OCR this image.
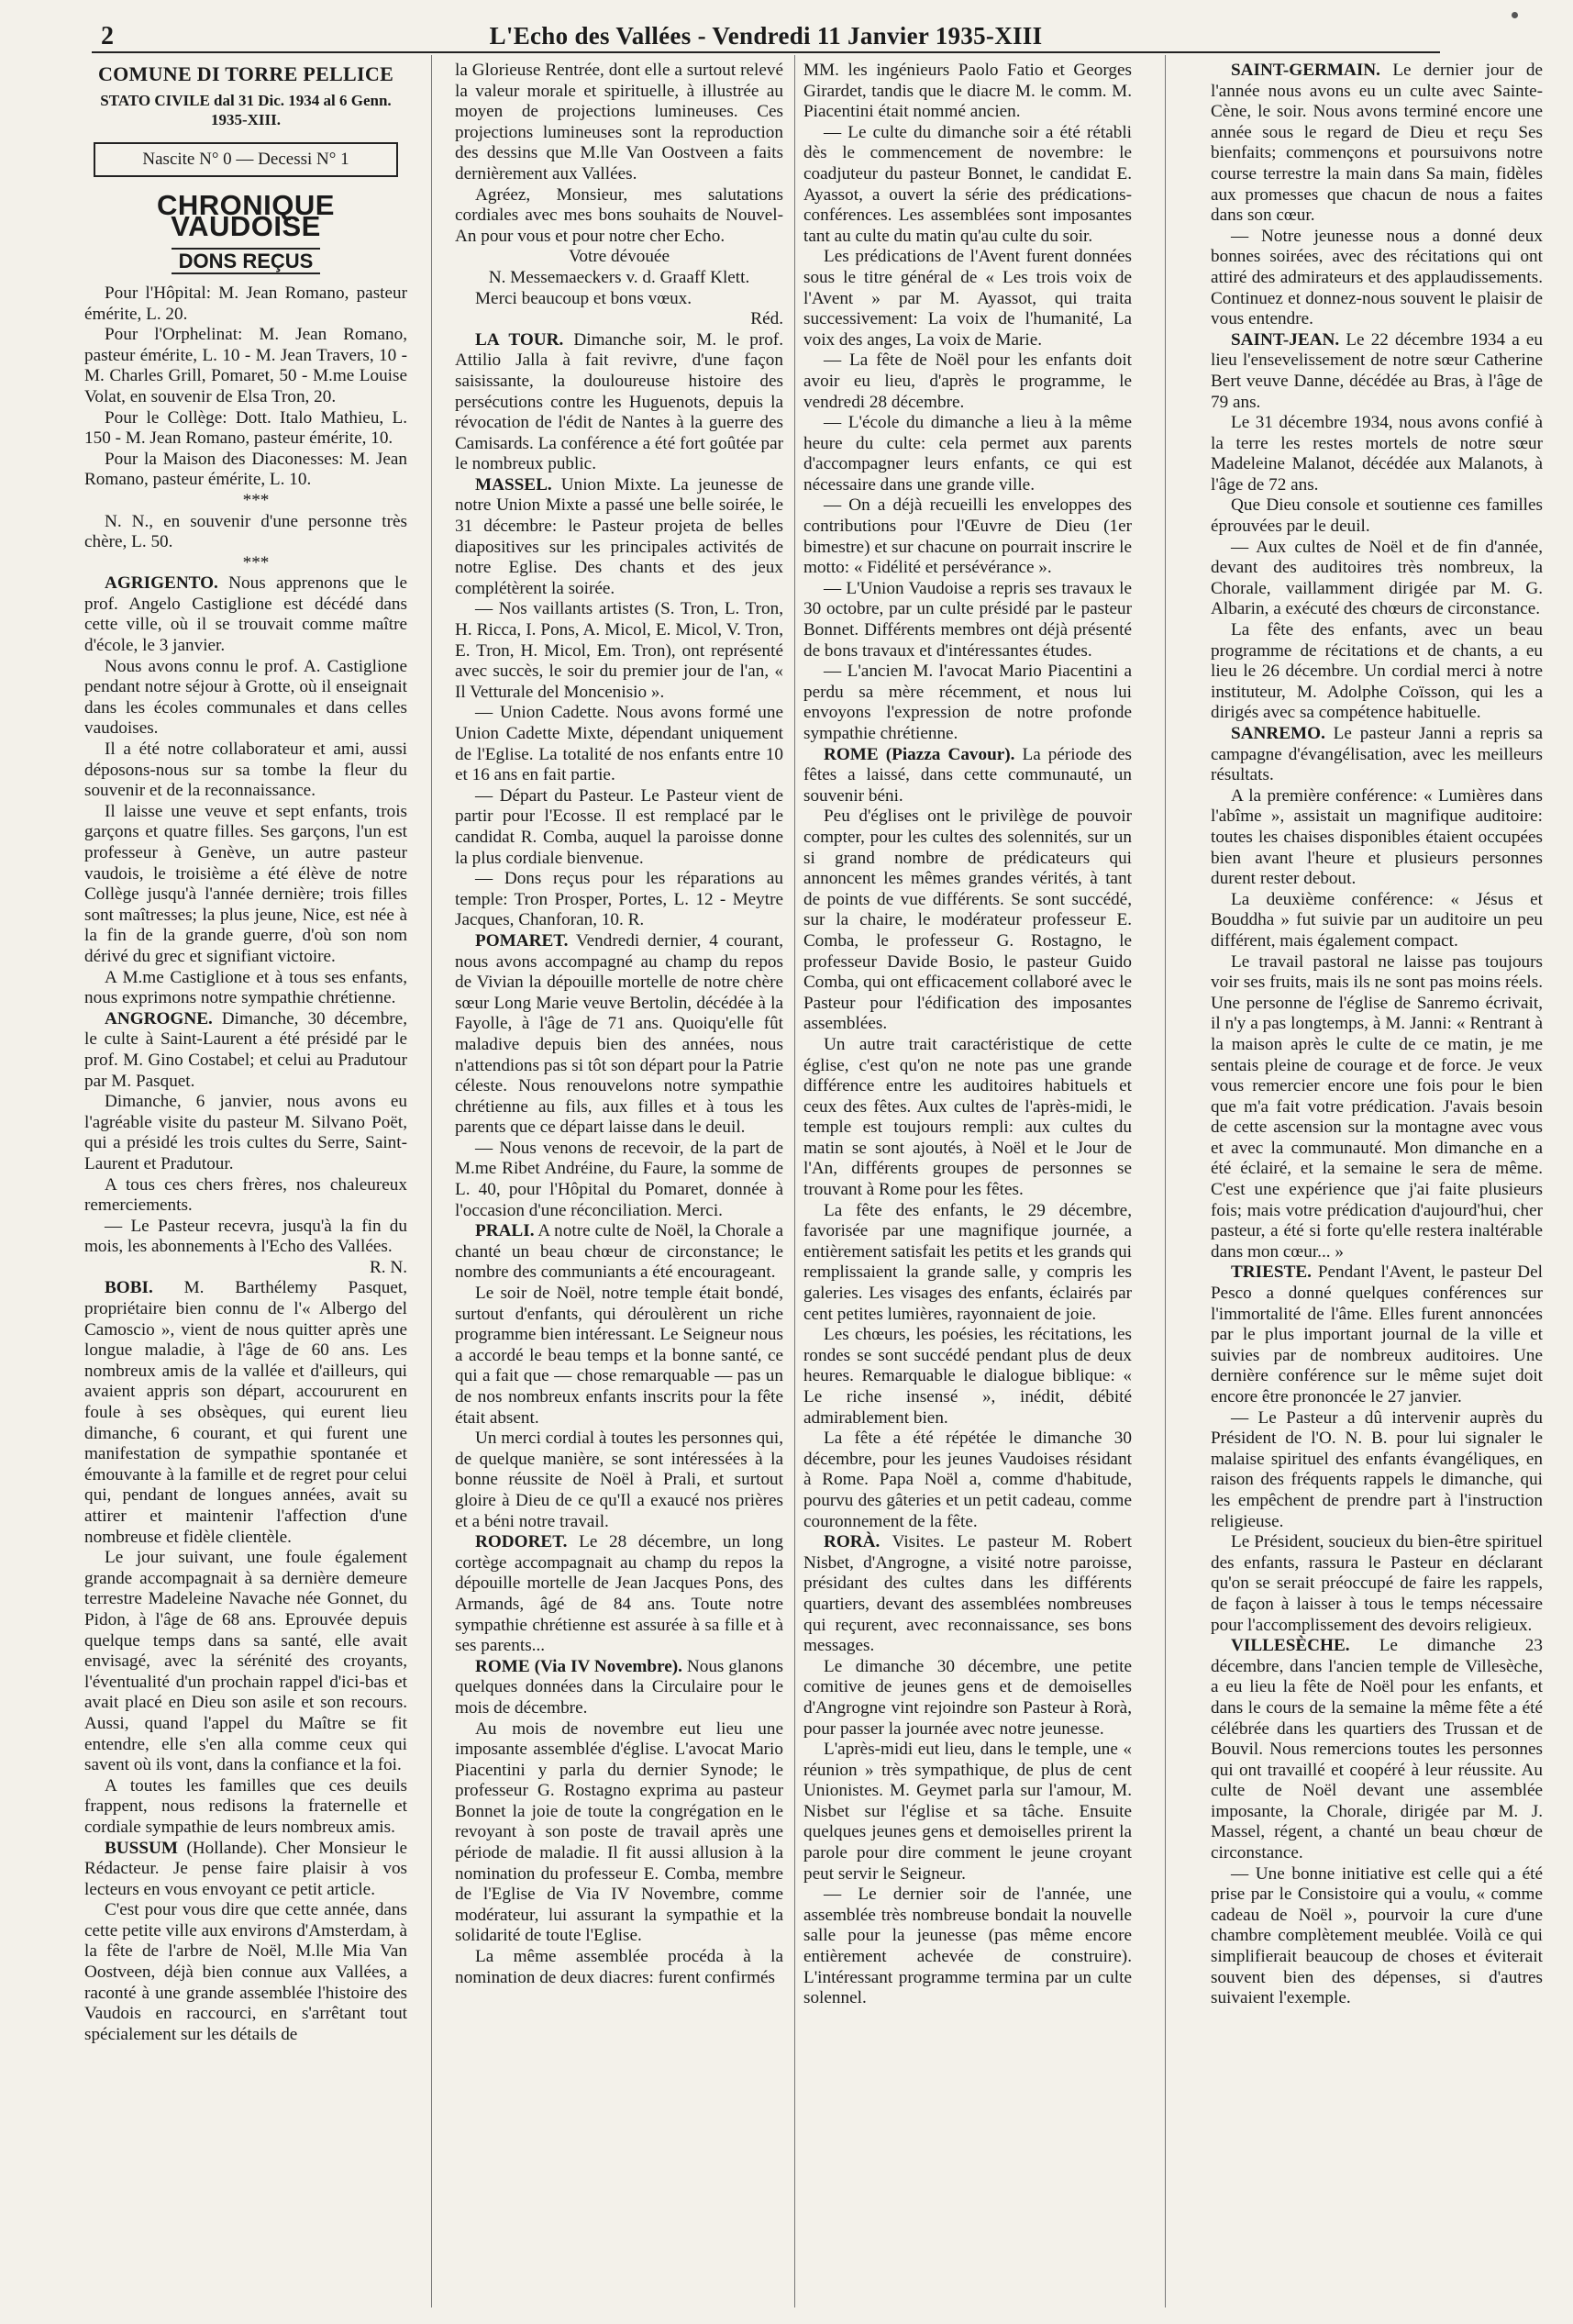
2	L'Echo des Vallées - Vendredi 11 Janvier 1935-XIII
COMUNE DI TORRE PELLICE
STATO CIVILE dal 31 Dic. 1934 al 6 Genn. 1935-XIII.
Nascite N° 0 — Decessi N° 1
CHRONIQUE VAUDOISE
DONS REÇUS

Pour l'Hôpital: M. Jean Romano, pasteur émérite, L. 20.

Pour l'Orphelinat: M. Jean Romano, pasteur émérite, L. 10 - M. Jean Travers, 10 - M. Charles Grill, Pomaret, 50 - M.me Louise Volat, en souvenir de Elsa Tron, 20.

Pour le Collège: Dott. Italo Mathieu, L. 150 - M. Jean Romano, pasteur émérite, 10.

Pour la Maison des Diaconesses: M. Jean Romano, pasteur émérite, L. 10.

***

N. N., en souvenir d'une personne très chère, L. 50.

***

AGRIGENTO. Nous apprenons que le prof. Angelo Castiglione est décédé dans cette ville, où il se trouvait comme maître d'école, le 3 janvier.

Nous avons connu le prof. A. Castiglione pendant notre séjour à Grotte, où il enseignait dans les écoles communales et dans celles vaudoises.

Il a été notre collaborateur et ami, aussi déposons-nous sur sa tombe la fleur du souvenir et de la reconnaissance.

Il laisse une veuve et sept enfants, trois garçons et quatre filles. Ses garçons, l'un est professeur à Genève, un autre pasteur vaudois, le troisième a été élève de notre Collège jusqu'à l'année dernière; trois filles sont maîtresses; la plus jeune, Nice, est née à la fin de la grande guerre, d'où son nom dérivé du grec et signifiant victoire.

A M.me Castiglione et à tous ses enfants, nous exprimons notre sympathie chrétienne.

ANGROGNE. Dimanche, 30 décembre, le culte à Saint-Laurent a été présidé par le prof. M. Gino Costabel; et celui au Pradutour par M. Pasquet.

Dimanche, 6 janvier, nous avons eu l'agréable visite du pasteur M. Silvano Poët, qui a présidé les trois cultes du Serre, Saint-Laurent et Pradutour.

A tous ces chers frères, nos chaleureux remerciements.

— Le Pasteur recevra, jusqu'à la fin du mois, les abonnements à l'Echo des Vallées.

R. N.

BOBI. M. Barthélemy Pasquet, propriétaire bien connu de l'« Albergo del Camoscio », vient de nous quitter après une longue maladie, à l'âge de 60 ans. Les nombreux amis de la vallée et d'ailleurs, qui avaient appris son départ, accoururent en foule à ses obsèques, qui eurent lieu dimanche, 6 courant, et qui furent une manifestation de sympathie spontanée et émouvante à la famille et de regret pour celui qui, pendant de longues années, avait su attirer et maintenir l'affection d'une nombreuse et fidèle clientèle.

Le jour suivant, une foule également grande accompagnait à sa dernière demeure terrestre Madeleine Navache née Gonnet, du Pidon, à l'âge de 68 ans. Eprouvée depuis quelque temps dans sa santé, elle avait envisagé, avec la sérénité des croyants, l'éventualité d'un prochain rappel d'ici-bas et avait placé en Dieu son asile et son recours. Aussi, quand l'appel du Maître se fit entendre, elle s'en alla comme ceux qui savent où ils vont, dans la confiance et la foi.

A toutes les familles que ces deuils frappent, nous redisons la fraternelle et cordiale sympathie de leurs nombreux amis.

BUSSUM (Hollande). Cher Monsieur le Rédacteur. Je pense faire plaisir à vos lecteurs en vous envoyant ce petit article.

C'est pour vous dire que cette année, dans cette petite ville aux environs d'Amsterdam, à la fête de l'arbre de Noël, M.lle Mia Van Oostveen, déjà bien connue aux Vallées, a raconté à une grande assemblée l'histoire des Vaudois en raccourci, en s'arrêtant tout spécialement sur les détails de

la Glorieuse Rentrée, dont elle a surtout relevé la valeur morale et spirituelle, à illustrée au moyen de projections lumineuses. Ces projections lumineuses sont la reproduction des dessins que M.lle Van Oostveen a faits dernièrement aux Vallées.

Agréez, Monsieur, mes salutations cordiales avec mes bons souhaits de Nouvel-An pour vous et pour notre cher Echo.

Votre dévouée

N. Messemaeckers v. d. Graaff Klett.

Merci beaucoup et bons vœux.

Réd.

LA TOUR. Dimanche soir, M. le prof. Attilio Jalla à fait revivre, d'une façon saisissante, la douloureuse histoire des persécutions contre les Huguenots, depuis la révocation de l'édit de Nantes à la guerre des Camisards. La conférence a été fort goûtée par le nombreux public.

MASSEL. Union Mixte. La jeunesse de notre Union Mixte a passé une belle soirée, le 31 décembre: le Pasteur projeta de belles diapositives sur les principales activités de notre Eglise. Des chants et des jeux complétèrent la soirée.

— Nos vaillants artistes (S. Tron, L. Tron, H. Ricca, I. Pons, A. Micol, E. Micol, V. Tron, E. Tron, H. Micol, Em. Tron), ont représenté avec succès, le soir du premier jour de l'an, « Il Vetturale del Moncenisio ».

— Union Cadette. Nous avons formé une Union Cadette Mixte, dépendant uniquement de l'Eglise. La totalité de nos enfants entre 10 et 16 ans en fait partie.

— Départ du Pasteur. Le Pasteur vient de partir pour l'Ecosse. Il est remplacé par le candidat R. Comba, auquel la paroisse donne la plus cordiale bienvenue.

— Dons reçus pour les réparations au temple: Tron Prosper, Portes, L. 12 - Meytre Jacques, Chanforan, 10. R.

POMARET. Vendredi dernier, 4 courant, nous avons accompagné au champ du repos de Vivian la dépouille mortelle de notre chère sœur Long Marie veuve Bertolin, décédée à la Fayolle, à l'âge de 71 ans. Quoiqu'elle fût maladive depuis bien des années, nous n'attendions pas si tôt son départ pour la Patrie céleste. Nous renouvelons notre sympathie chrétienne au fils, aux filles et à tous les parents que ce départ laisse dans le deuil.

— Nous venons de recevoir, de la part de M.me Ribet Andréine, du Faure, la somme de L. 40, pour l'Hôpital du Pomaret, donnée à l'occasion d'une réconciliation. Merci.

PRALI. A notre culte de Noël, la Chorale a chanté un beau chœur de circonstance; le nombre des communiants a été encourageant.

Le soir de Noël, notre temple était bondé, surtout d'enfants, qui déroulèrent un riche programme bien intéressant. Le Seigneur nous a accordé le beau temps et la bonne santé, ce qui a fait que — chose remarquable — pas un de nos nombreux enfants inscrits pour la fête était absent.

Un merci cordial à toutes les personnes qui, de quelque manière, se sont intéressées à la bonne réussite de Noël à Prali, et surtout gloire à Dieu de ce qu'Il a exaucé nos prières et a béni notre travail.

RODORET. Le 28 décembre, un long cortège accompagnait au champ du repos la dépouille mortelle de Jean Jacques Pons, des Armands, âgé de 84 ans. Toute notre sympathie chrétienne est assurée à sa fille et à ses parents...

ROME (Via IV Novembre). Nous glanons quelques données dans la Circulaire pour le mois de décembre.

Au mois de novembre eut lieu une imposante assemblée d'église. L'avocat Mario Piacentini y parla du dernier Synode; le professeur G. Rostagno exprima au pasteur Bonnet la joie de toute la congrégation en le revoyant à son poste de travail après une période de maladie. Il fit aussi allusion à la nomination du professeur E. Comba, membre de l'Eglise de Via IV Novembre, comme modérateur, lui assurant la sympathie et la solidarité de toute l'Eglise.

La même assemblée procéda à la nomination de deux diacres: furent confirmés

MM. les ingénieurs Paolo Fatio et Georges Girardet, tandis que le diacre M. le comm. M. Piacentini était nommé ancien.

— Le culte du dimanche soir a été rétabli dès le commencement de novembre: le coadjuteur du pasteur Bonnet, le candidat E. Ayassot, a ouvert la série des prédications-conférences. Les assemblées sont imposantes tant au culte du matin qu'au culte du soir.

Les prédications de l'Avent furent données sous le titre général de « Les trois voix de l'Avent » par M. Ayassot, qui traita successivement: La voix de l'humanité, La voix des anges, La voix de Marie.

— La fête de Noël pour les enfants doit avoir eu lieu, d'après le programme, le vendredi 28 décembre.

— L'école du dimanche a lieu à la même heure du culte: cela permet aux parents d'accompagner leurs enfants, ce qui est nécessaire dans une grande ville.

— On a déjà recueilli les enveloppes des contributions pour l'Œuvre de Dieu (1er bimestre) et sur chacune on pourrait inscrire le motto: « Fidélité et persévérance ».

— L'Union Vaudoise a repris ses travaux le 30 octobre, par un culte présidé par le pasteur Bonnet. Différents membres ont déjà présenté de bons travaux et d'intéressantes études.

— L'ancien M. l'avocat Mario Piacentini a perdu sa mère récemment, et nous lui envoyons l'expression de notre profonde sympathie chrétienne.

ROME (Piazza Cavour). La période des fêtes a laissé, dans cette communauté, un souvenir béni.

Peu d'églises ont le privilège de pouvoir compter, pour les cultes des solennités, sur un si grand nombre de prédicateurs qui annoncent les mêmes grandes vérités, à tant de points de vue différents. Se sont succédé, sur la chaire, le modérateur professeur E. Comba, le professeur G. Rostagno, le professeur Davide Bosio, le pasteur Guido Comba, qui ont efficacement collaboré avec le Pasteur pour l'édification des imposantes assemblées.

Un autre trait caractéristique de cette église, c'est qu'on ne note pas une grande différence entre les auditoires habituels et ceux des fêtes. Aux cultes de l'après-midi, le temple est toujours rempli: aux cultes du matin se sont ajoutés, à Noël et le Jour de l'An, différents groupes de personnes se trouvant à Rome pour les fêtes.

La fête des enfants, le 29 décembre, favorisée par une magnifique journée, a entièrement satisfait les petits et les grands qui remplissaient la grande salle, y compris les galeries. Les visages des enfants, éclairés par cent petites lumières, rayonnaient de joie.

Les chœurs, les poésies, les récitations, les rondes se sont succédé pendant plus de deux heures. Remarquable le dialogue biblique: « Le riche insensé », inédit, débité admirablement bien.

La fête a été répétée le dimanche 30 décembre, pour les jeunes Vaudoises résidant à Rome. Papa Noël a, comme d'habitude, pourvu des gâteries et un petit cadeau, comme couronnement de la fête.

RORÀ. Visites. Le pasteur M. Robert Nisbet, d'Angrogne, a visité notre paroisse, présidant des cultes dans les différents quartiers, devant des assemblées nombreuses qui reçurent, avec reconnaissance, ses bons messages.

Le dimanche 30 décembre, une petite comitive de jeunes gens et de demoiselles d'Angrogne vint rejoindre son Pasteur à Rorà, pour passer la journée avec notre jeunesse.

L'après-midi eut lieu, dans le temple, une « réunion » très sympathique, de plus de cent Unionistes. M. Geymet parla sur l'amour, M. Nisbet sur l'église et sa tâche. Ensuite quelques jeunes gens et demoiselles prirent la parole pour dire comment le jeune croyant peut servir le Seigneur.

— Le dernier soir de l'année, une assemblée très nombreuse bondait la nouvelle salle pour la jeunesse (pas même encore entièrement achevée de construire). L'intéressant programme termina par un culte solennel.

SAINT-GERMAIN. Le dernier jour de l'année nous avons eu un culte avec Sainte-Cène, le soir. Nous avons terminé encore une année sous le regard de Dieu et reçu Ses bienfaits; commençons et poursuivons notre course terrestre la main dans Sa main, fidèles aux promesses que chacun de nous a faites dans son cœur.

— Notre jeunesse nous a donné deux bonnes soirées, avec des récitations qui ont attiré des admirateurs et des applaudissements. Continuez et donnez-nous souvent le plaisir de vous entendre.

SAINT-JEAN. Le 22 décembre 1934 a eu lieu l'ensevelissement de notre sœur Catherine Bert veuve Danne, décédée au Bras, à l'âge de 79 ans.

Le 31 décembre 1934, nous avons confié à la terre les restes mortels de notre sœur Madeleine Malanot, décédée aux Malanots, à l'âge de 72 ans.

Que Dieu console et soutienne ces familles éprouvées par le deuil.

— Aux cultes de Noël et de fin d'année, devant des auditoires très nombreux, la Chorale, vaillamment dirigée par M. G. Albarin, a exécuté des chœurs de circonstance.

La fête des enfants, avec un beau programme de récitations et de chants, a eu lieu le 26 décembre. Un cordial merci à notre instituteur, M. Adolphe Coïsson, qui les a dirigés avec sa compétence habituelle.

SANREMO. Le pasteur Janni a repris sa campagne d'évangélisation, avec les meilleurs résultats.

A la première conférence: « Lumières dans l'abîme », assistait un magnifique auditoire: toutes les chaises disponibles étaient occupées bien avant l'heure et plusieurs personnes durent rester debout.

La deuxième conférence: « Jésus et Bouddha » fut suivie par un auditoire un peu différent, mais également compact.

Le travail pastoral ne laisse pas toujours voir ses fruits, mais ils ne sont pas moins réels. Une personne de l'église de Sanremo écrivait, il n'y a pas longtemps, à M. Janni: « Rentrant à la maison après le culte de ce matin, je me sentais pleine de courage et de force. Je veux vous remercier encore une fois pour le bien que m'a fait votre prédication. J'avais besoin de cette ascension sur la montagne avec vous et avec la communauté. Mon dimanche en a été éclairé, et la semaine le sera de même. C'est une expérience que j'ai faite plusieurs fois; mais votre prédication d'aujourd'hui, cher pasteur, a été si forte qu'elle restera inaltérable dans mon cœur... »

TRIESTE. Pendant l'Avent, le pasteur Del Pesco a donné quelques conférences sur l'immortalité de l'âme. Elles furent annoncées par le plus important journal de la ville et suivies par de nombreux auditoires. Une dernière conférence sur le même sujet doit encore être prononcée le 27 janvier.

— Le Pasteur a dû intervenir auprès du Président de l'O. N. B. pour lui signaler le malaise spirituel des enfants évangéliques, en raison des fréquents rappels le dimanche, qui les empêchent de prendre part à l'instruction religieuse.

Le Président, soucieux du bien-être spirituel des enfants, rassura le Pasteur en déclarant qu'on se serait préoccupé de faire les rappels, de façon à laisser à tous le temps nécessaire pour l'accomplissement des devoirs religieux.

VILLESÈCHE. Le dimanche 23 décembre, dans l'ancien temple de Villesèche, a eu lieu la fête de Noël pour les enfants, et dans le cours de la semaine la même fête a été célébrée dans les quartiers des Trussan et de Bouvil. Nous remercions toutes les personnes qui ont travaillé et coopéré à leur réussite. Au culte de Noël devant une assemblée imposante, la Chorale, dirigée par M. J. Massel, régent, a chanté un beau chœur de circonstance.

— Une bonne initiative est celle qui a été prise par le Consistoire qui a voulu, « comme cadeau de Noël », pourvoir la cure d'une chambre complètement meublée. Voilà ce qui simplifierait beaucoup de choses et éviterait souvent bien des dépenses, si d'autres suivaient l'exemple.
